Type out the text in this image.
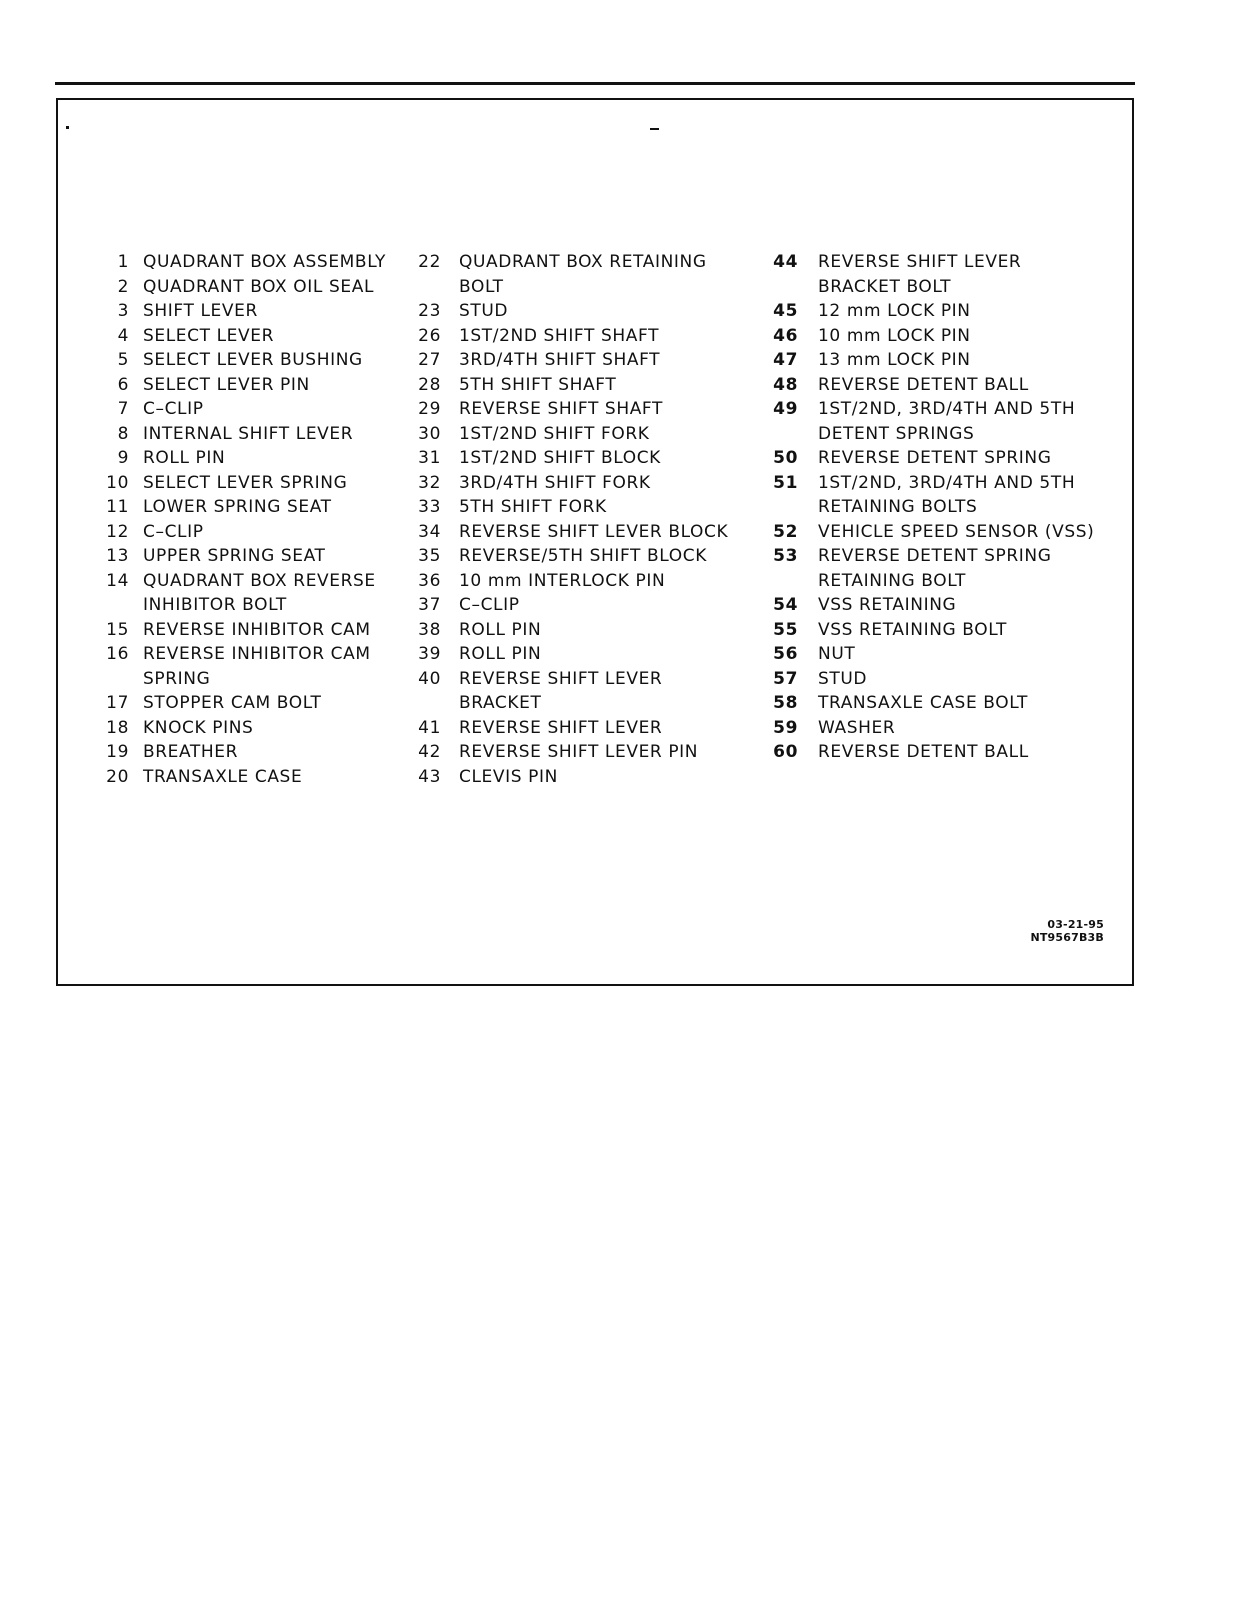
1 QUADRANT BOX ASSEMBLY
2 QUADRANT BOX OIL SEAL
3 SHIFT LEVER
4 SELECT LEVER
5 SELECT LEVER BUSHING
6 SELECT LEVER PIN
7 C–CLIP
8 INTERNAL SHIFT LEVER
9 ROLL PIN
10 SELECT LEVER SPRING
11 LOWER SPRING SEAT
12 C–CLIP
13 UPPER SPRING SEAT
14 QUADRANT BOX REVERSE
INHIBITOR BOLT
15 REVERSE INHIBITOR CAM
16 REVERSE INHIBITOR CAM
SPRING
17 STOPPER CAM BOLT
18 KNOCK PINS
19 BREATHER
20 TRANSAXLE CASE
22	QUADRANT BOX RETAINING
BOLT
23	STUD
26	1ST/2ND SHIFT SHAFT
27	3RD/4TH SHIFT SHAFT
28	5TH SHIFT SHAFT
29	REVERSE SHIFT SHAFT
30	1ST/2ND SHIFT FORK
31	1ST/2ND SHIFT BLOCK
32	3RD/4TH SHIFT FORK
33	5TH SHIFT FORK
34	REVERSE SHIFT LEVER BLOCK
35	REVERSE/5TH SHIFT BLOCK
36	10 mm INTERLOCK PIN
37	C–CLIP
38	ROLL PIN
39	ROLL PIN
40	REVERSE SHIFT LEVER
BRACKET
41	REVERSE SHIFT LEVER
42	REVERSE SHIFT LEVER PIN
43	CLEVIS PIN
44	REVERSE SHIFT LEVER
BRACKET BOLT
45	12 mm LOCK PIN
46	10 mm LOCK PIN
47	13 mm LOCK PIN
48	REVERSE DETENT BALL
49	1ST/2ND, 3RD/4TH AND 5TH
DETENT SPRINGS
50	REVERSE DETENT SPRING
51	1ST/2ND, 3RD/4TH AND 5TH
RETAINING BOLTS
52	VEHICLE SPEED SENSOR (VSS)
53	REVERSE DETENT SPRING
RETAINING BOLT
54	VSS RETAINING
55	VSS RETAINING BOLT
56	NUT
57	STUD
58	TRANSAXLE CASE BOLT
59	WASHER
60	REVERSE DETENT BALL
03-21-95
NT9567B3B
